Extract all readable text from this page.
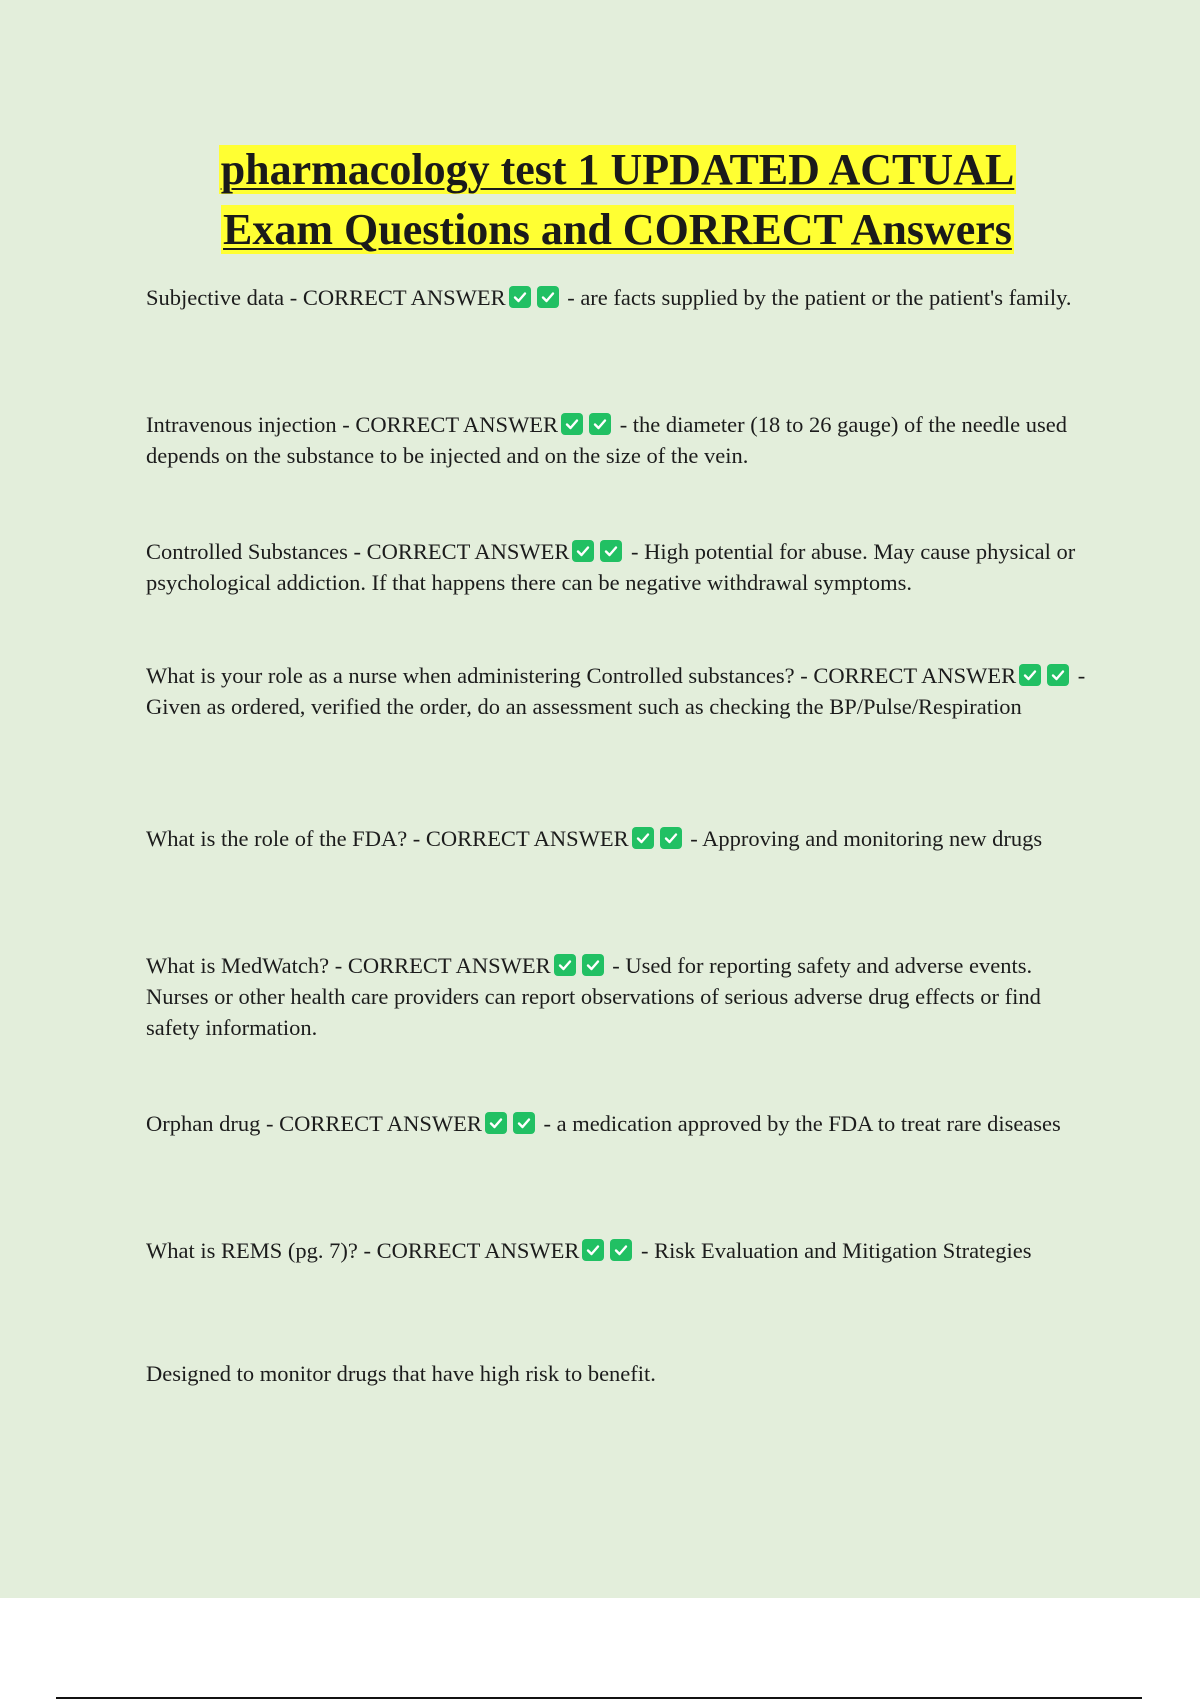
pharmacology test 1 UPDATED ACTUAL
Exam Questions and CORRECT Answers

Subjective data - CORRECT ANSWER
- are facts supplied by the patient or the patient's family.

Intravenous injection - CORRECT ANSWER
- the diameter (18 to 26 gauge) of the needle used depends on the substance to be injected and on the size of the vein.

Controlled Substances - CORRECT ANSWER
- High potential for abuse. May cause physical or psychological addiction. If that happens there can be negative withdrawal symptoms.

What is your role as a nurse when administering Controlled substances? - CORRECT ANSWER
- Given as ordered, verified the order, do an assessment such as checking the BP/Pulse/Respiration

What is the role of the FDA? - CORRECT ANSWER
- Approving and monitoring new drugs

What is MedWatch? - CORRECT ANSWER
- Used for reporting safety and adverse events. Nurses or other health care providers can report observations of serious adverse drug effects or find safety information.

Orphan drug - CORRECT ANSWER
- a medication approved by the FDA to treat rare diseases

What is REMS (pg. 7)? - CORRECT ANSWER
- Risk Evaluation and Mitigation Strategies

Designed to monitor drugs that have high risk to benefit.
